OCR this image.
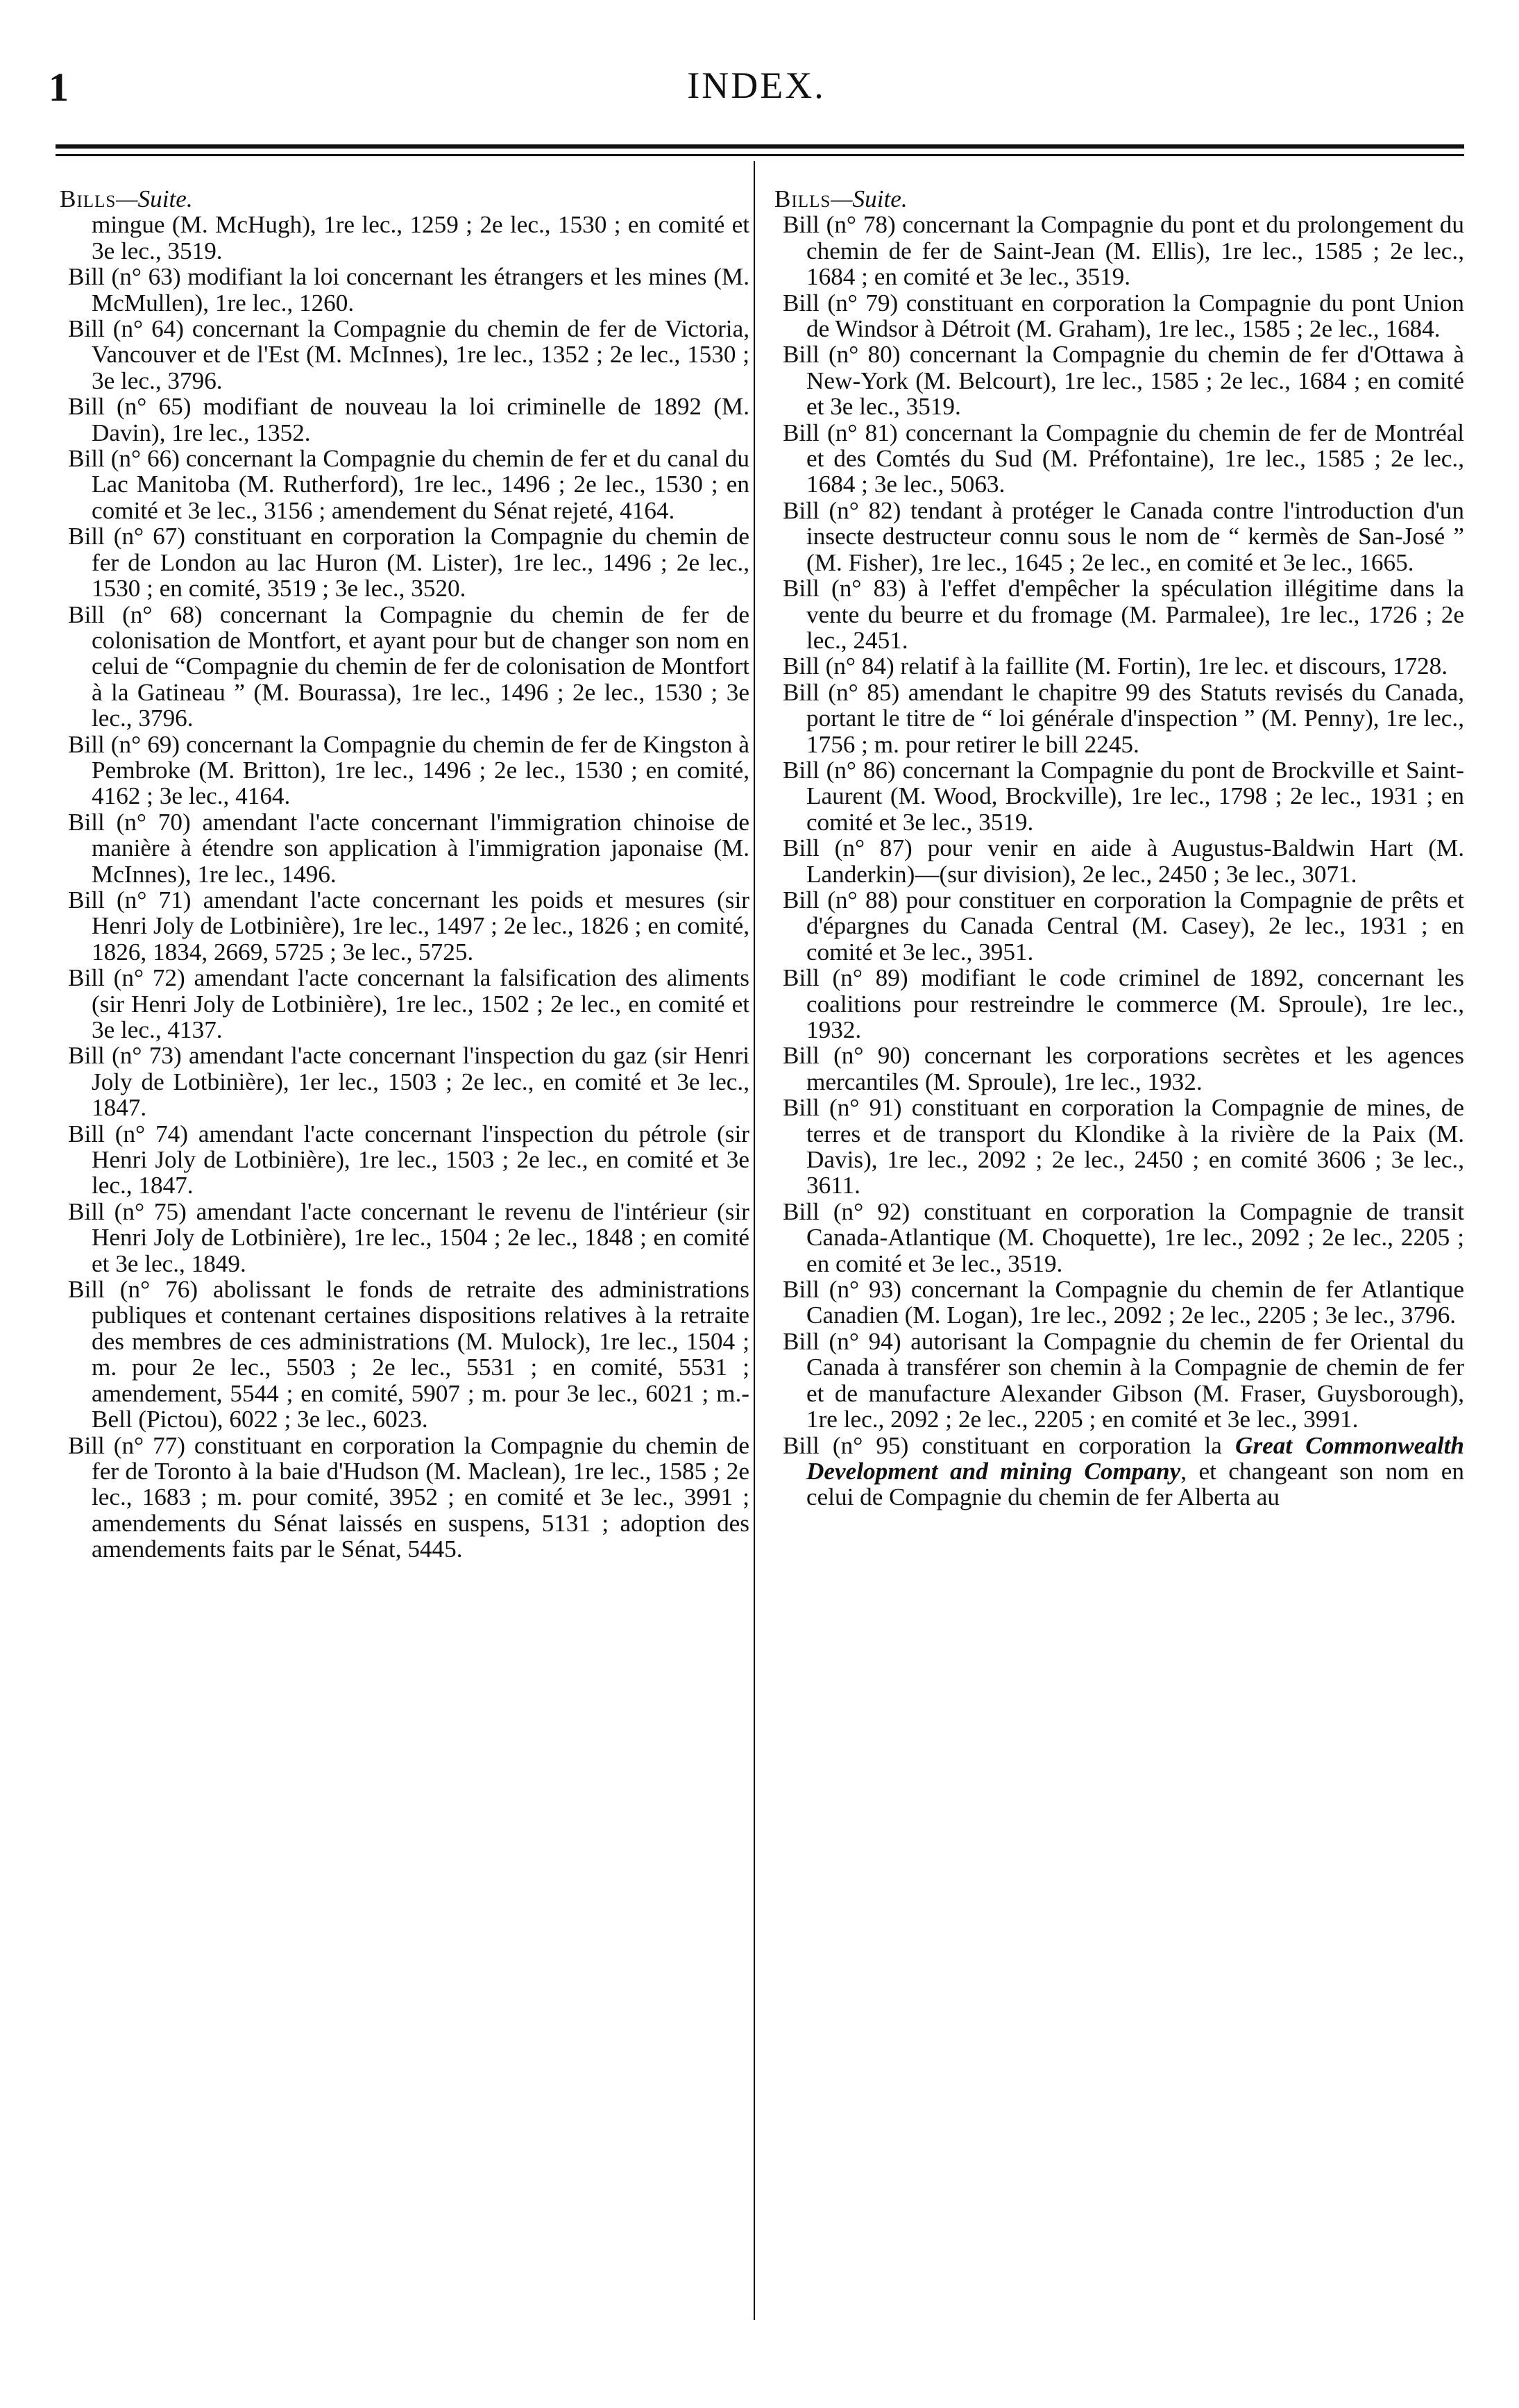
1	INDEX.

Bills—Suite.

mingue (M. McHugh), 1re lec., 1259 ; 2e lec., 1530 ; en comité et 3e lec., 3519.

Bill (n° 63) modifiant la loi concernant les étrangers et les mines (M. McMullen), 1re lec., 1260.

Bill (n° 64) concernant la Compagnie du chemin de fer de Victoria, Vancouver et de l'Est (M. McInnes), 1re lec., 1352 ; 2e lec., 1530 ; 3e lec., 3796.

Bill (n° 65) modifiant de nouveau la loi criminelle de 1892 (M. Davin), 1re lec., 1352.

Bill (n° 66) concernant la Compagnie du chemin de fer et du canal du Lac Manitoba (M. Rutherford), 1re lec., 1496 ; 2e lec., 1530 ; en comité et 3e lec., 3156 ; amendement du Sénat rejeté, 4164.

Bill (n° 67) constituant en corporation la Compagnie du chemin de fer de London au lac Huron (M. Lister), 1re lec., 1496 ; 2e lec., 1530 ; en comité, 3519 ; 3e lec., 3520.

Bill (n° 68) concernant la Compagnie du chemin de fer de colonisation de Montfort, et ayant pour but de changer son nom en celui de “Compagnie du chemin de fer de colonisation de Montfort à la Gatineau ” (M. Bourassa), 1re lec., 1496 ; 2e lec., 1530 ; 3e lec., 3796.

Bill (n° 69) concernant la Compagnie du chemin de fer de Kingston à Pembroke (M. Britton), 1re lec., 1496 ; 2e lec., 1530 ; en comité, 4162 ; 3e lec., 4164.

Bill (n° 70) amendant l'acte concernant l'immigration chinoise de manière à étendre son application à l'immigration japonaise (M. McInnes), 1re lec., 1496.

Bill (n° 71) amendant l'acte concernant les poids et mesures (sir Henri Joly de Lotbinière), 1re lec., 1497 ; 2e lec., 1826 ; en comité, 1826, 1834, 2669, 5725 ; 3e lec., 5725.

Bill (n° 72) amendant l'acte concernant la falsification des aliments (sir Henri Joly de Lotbinière), 1re lec., 1502 ; 2e lec., en comité et 3e lec., 4137.

Bill (n° 73) amendant l'acte concernant l'inspection du gaz (sir Henri Joly de Lotbinière), 1er lec., 1503 ; 2e lec., en comité et 3e lec., 1847.

Bill (n° 74) amendant l'acte concernant l'inspection du pétrole (sir Henri Joly de Lotbinière), 1re lec., 1503 ; 2e lec., en comité et 3e lec., 1847.

Bill (n° 75) amendant l'acte concernant le revenu de l'intérieur (sir Henri Joly de Lotbinière), 1re lec., 1504 ; 2e lec., 1848 ; en comité et 3e lec., 1849.

Bill (n° 76) abolissant le fonds de retraite des administrations publiques et contenant certaines dispositions relatives à la retraite des membres de ces administrations (M. Mulock), 1re lec., 1504 ; m. pour 2e lec., 5503 ; 2e lec., 5531 ; en comité, 5531 ; amendement, 5544 ; en comité, 5907 ; m. pour 3e lec., 6021 ; m.-Bell (Pictou), 6022 ; 3e lec., 6023.

Bill (n° 77) constituant en corporation la Compagnie du chemin de fer de Toronto à la baie d'Hudson (M. Maclean), 1re lec., 1585 ; 2e lec., 1683 ; m. pour comité, 3952 ; en comité et 3e lec., 3991 ; amendements du Sénat laissés en suspens, 5131 ; adoption des amendements faits par le Sénat, 5445.

Bills—Suite.

Bill (n° 78) concernant la Compagnie du pont et du prolongement du chemin de fer de Saint-Jean (M. Ellis), 1re lec., 1585 ; 2e lec., 1684 ; en comité et 3e lec., 3519.

Bill (n° 79) constituant en corporation la Compagnie du pont Union de Windsor à Détroit (M. Graham), 1re lec., 1585 ; 2e lec., 1684.

Bill (n° 80) concernant la Compagnie du chemin de fer d'Ottawa à New-York (M. Belcourt), 1re lec., 1585 ; 2e lec., 1684 ; en comité et 3e lec., 3519.

Bill (n° 81) concernant la Compagnie du chemin de fer de Montréal et des Comtés du Sud (M. Préfontaine), 1re lec., 1585 ; 2e lec., 1684 ; 3e lec., 5063.

Bill (n° 82) tendant à protéger le Canada contre l'introduction d'un insecte destructeur connu sous le nom de “ kermès de San-José ” (M. Fisher), 1re lec., 1645 ; 2e lec., en comité et 3e lec., 1665.

Bill (n° 83) à l'effet d'empêcher la spéculation illégitime dans la vente du beurre et du fromage (M. Parmalee), 1re lec., 1726 ; 2e lec., 2451.

Bill (n° 84) relatif à la faillite (M. Fortin), 1re lec. et discours, 1728.

Bill (n° 85) amendant le chapitre 99 des Statuts revisés du Canada, portant le titre de “ loi générale d'inspection ” (M. Penny), 1re lec., 1756 ; m. pour retirer le bill 2245.

Bill (n° 86) concernant la Compagnie du pont de Brockville et Saint-Laurent (M. Wood, Brockville), 1re lec., 1798 ; 2e lec., 1931 ; en comité et 3e lec., 3519.

Bill (n° 87) pour venir en aide à Augustus-Baldwin Hart (M. Landerkin)—(sur division), 2e lec., 2450 ; 3e lec., 3071.

Bill (n° 88) pour constituer en corporation la Compagnie de prêts et d'épargnes du Canada Central (M. Casey), 2e lec., 1931 ; en comité et 3e lec., 3951.

Bill (n° 89) modifiant le code criminel de 1892, concernant les coalitions pour restreindre le commerce (M. Sproule), 1re lec., 1932.

Bill (n° 90) concernant les corporations secrètes et les agences mercantiles (M. Sproule), 1re lec., 1932.

Bill (n° 91) constituant en corporation la Compagnie de mines, de terres et de transport du Klondike à la rivière de la Paix (M. Davis), 1re lec., 2092 ; 2e lec., 2450 ; en comité 3606 ; 3e lec., 3611.

Bill (n° 92) constituant en corporation la Compagnie de transit Canada-Atlantique (M. Choquette), 1re lec., 2092 ; 2e lec., 2205 ; en comité et 3e lec., 3519.

Bill (n° 93) concernant la Compagnie du chemin de fer Atlantique Canadien (M. Logan), 1re lec., 2092 ; 2e lec., 2205 ; 3e lec., 3796.

Bill (n° 94) autorisant la Compagnie du chemin de fer Oriental du Canada à transférer son chemin à la Compagnie de chemin de fer et de manufacture Alexander Gibson (M. Fraser, Guysborough), 1re lec., 2092 ; 2e lec., 2205 ; en comité et 3e lec., 3991.

Bill (n° 95) constituant en corporation la Great Commonwealth Development and mining Company, et changeant son nom en celui de Compagnie du chemin de fer Alberta au
